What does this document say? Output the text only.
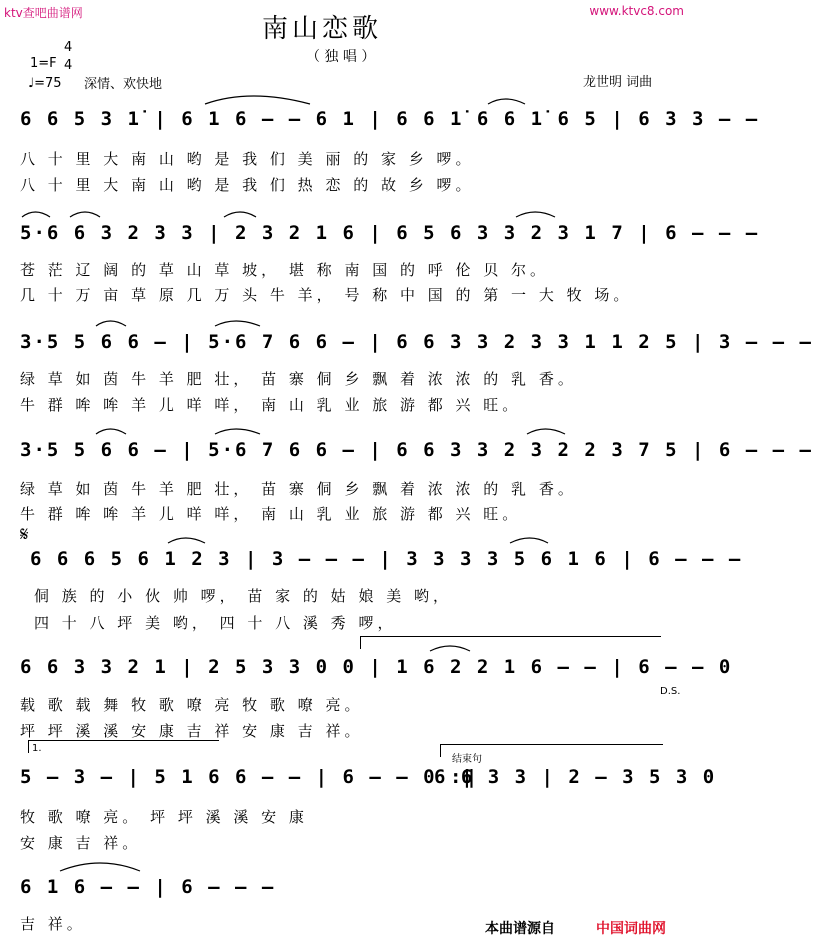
ktv查吧曲谱网	www.ktvc8.com
南山恋歌
（ 独 唱 ）
1=F
4
4
♩=75 深情、欢快地	龙世明 词曲
6 6 5 3 1̇ | 6 1 6 – – 6 1 | 6 6 1̇ 6 6 1̇ 6 5 | 6 3 3 – –
八 十 里 大 南 山 哟 是 我 们 美 丽 的 家 乡 啰。
八 十 里 大 南 山 哟 是 我 们 热 恋 的 故 乡 啰。
5·6 6 3 2 3 3 | 2 3 2 1 6 | 6 5 6 3 3 2 3 1 7 | 6 – – –
苍 茫 辽 阔 的 草 山 草 坡， 堪 称 南 国 的 呼 伦 贝 尔。
几 十 万 亩 草 原 几 万 头 牛 羊， 号 称 中 国 的 第 一 大 牧 场。
3·5 5 6 6 – | 5·6 7 6 6 – | 6 6 3 3 2 3 3 1 1 2 5 | 3 – – –
绿 草 如 茵 牛 羊 肥 壮， 苗 寨 侗 乡 飘 着 浓 浓 的 乳 香。
牛 群 哞 哞 羊 儿 咩 咩， 南 山 乳 业 旅 游 都 兴 旺。
3·5 5 6 6 – | 5·6 7 6 6 – | 6 6 3 3 2 3 2 2 3 7 5 | 6 – – –
绿 草 如 茵 牛 羊 肥 壮， 苗 寨 侗 乡 飘 着 浓 浓 的 乳 香。
牛 群 哞 哞 羊 儿 咩 咩， 南 山 乳 业 旅 游 都 兴 旺。
𝄋
6 6 6 5 6 1 2 3 | 3 – – – | 3 3 3 3 5 6 1 6 | 6 – – –
侗 族 的 小 伙 帅 啰， 苗 家 的 姑 娘 美 哟，
四 十 八 坪 美 哟， 四 十 八 溪 秀 啰，
6 6 3 3 2 1 | 2 5 3 3 0 0 | 1 6 2 2 1 6 – – | 6 – – 0
D.S.
载 歌 载 舞 牧 歌 嘹 亮 牧 歌 嘹 亮。
坪 坪 溪 溪 安 康 吉 祥 安 康 吉 祥。
1.
结束句
5 – 3 – | 5 1 6 6 – – | 6 – – 0 :‖
6 6 3 3 | 2 – 3 5 3 0
牧 歌 嘹 亮。 坪 坪 溪 溪 安 康
安 康 吉 祥。
6 1 6 – – | 6 – – –
吉 祥。	本曲谱源自	中国词曲网
